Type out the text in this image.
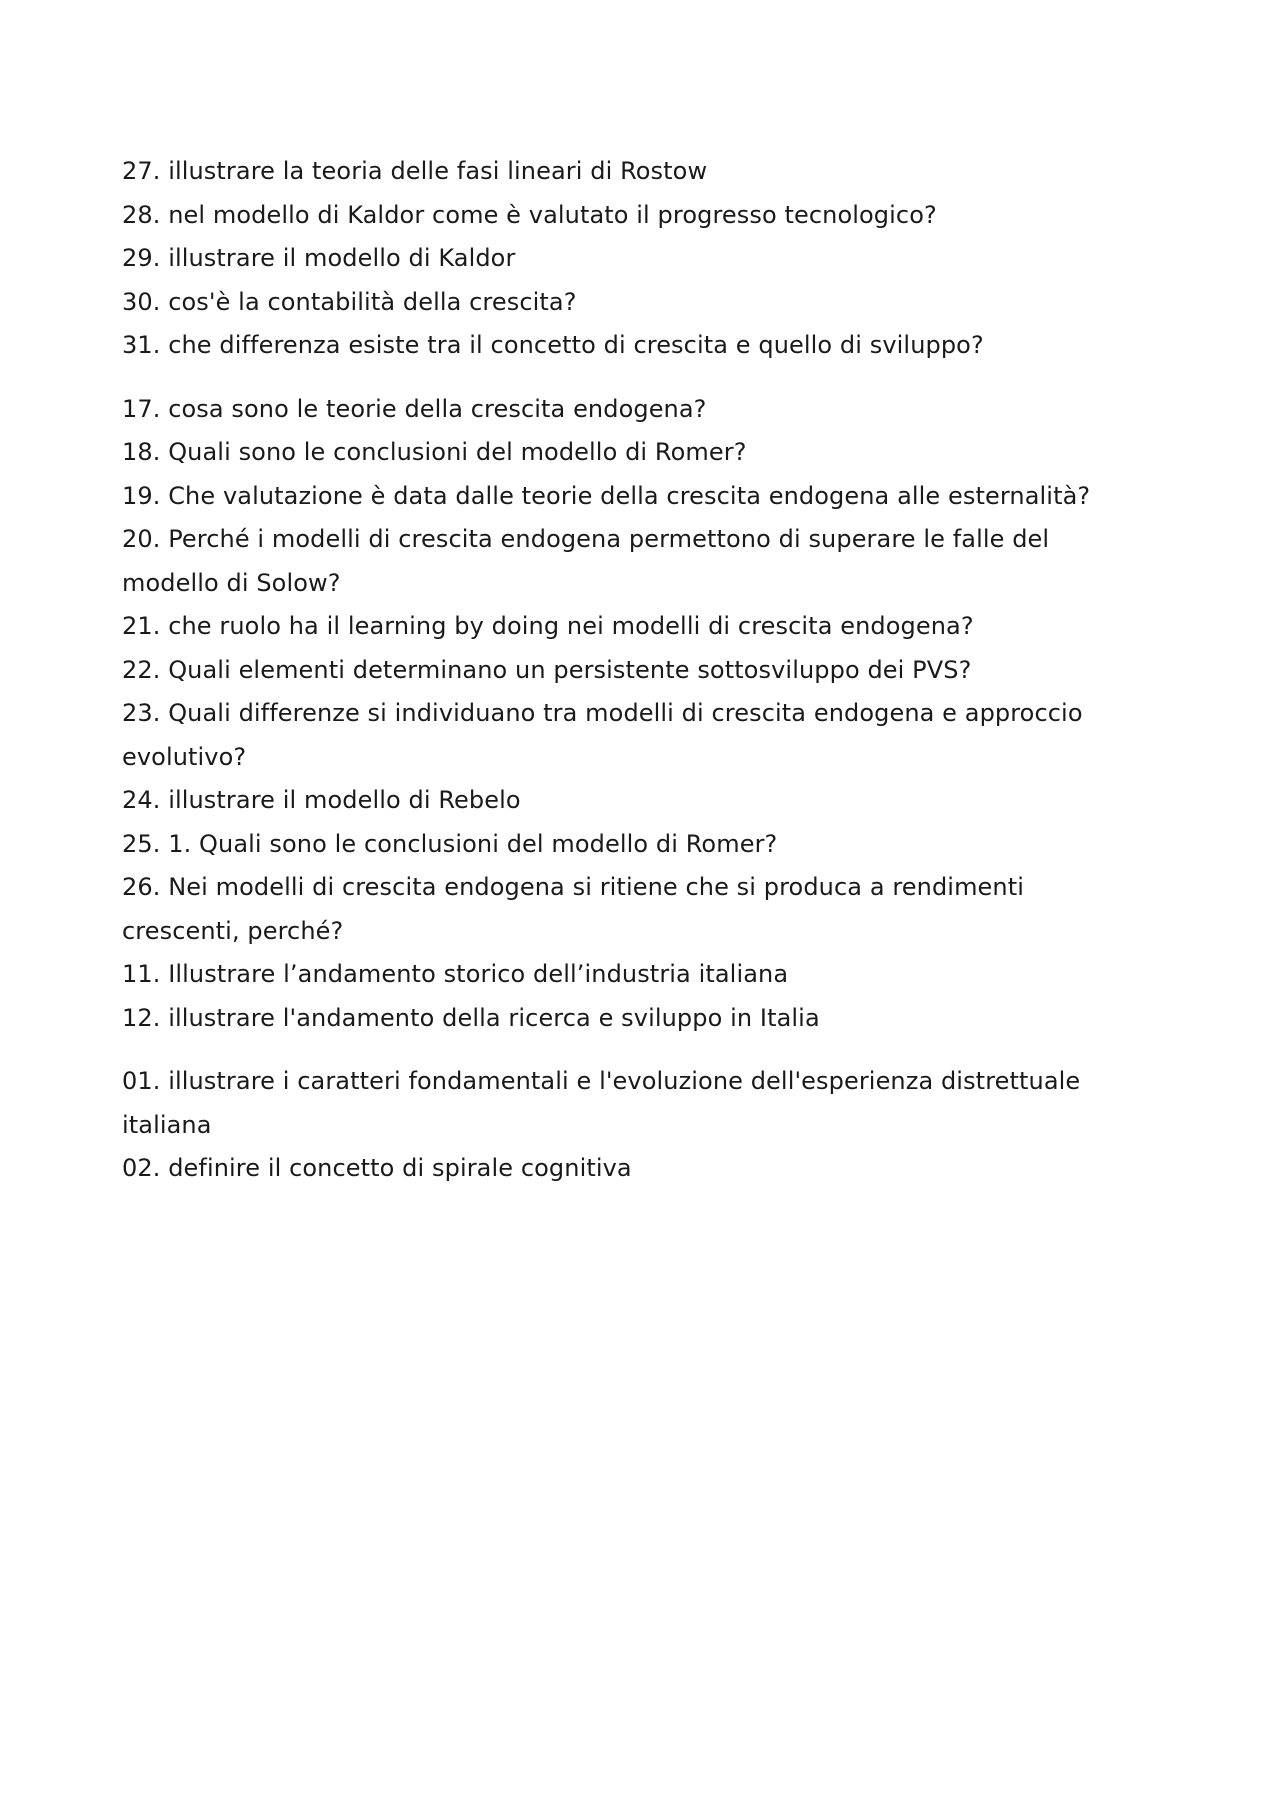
27. illustrare la teoria delle fasi lineari di Rostow
28. nel modello di Kaldor come è valutato il progresso tecnologico?
29. illustrare il modello di Kaldor
30. cos'è la contabilità della crescita?
31. che differenza esiste tra il concetto di crescita e quello di sviluppo?
17. cosa sono le teorie della crescita endogena?
18. Quali sono le conclusioni del modello di Romer?
19. Che valutazione è data dalle teorie della crescita endogena alle esternalità?
20. Perché i modelli di crescita endogena permettono di superare le falle del modello di Solow?
21. che ruolo ha il learning by doing nei modelli di crescita endogena?
22. Quali elementi determinano un persistente sottosviluppo dei PVS?
23. Quali differenze si individuano tra modelli di crescita endogena e approccio evolutivo?
24. illustrare il modello di Rebelo
25. 1. Quali sono le conclusioni del modello di Romer?
26. Nei modelli di crescita endogena si ritiene che si produca a rendimenti crescenti, perché?
11. Illustrare l’andamento storico dell’industria italiana
12. illustrare l'andamento della ricerca e sviluppo in Italia
01. illustrare i caratteri fondamentali e l'evoluzione dell'esperienza distrettuale italiana
02. definire il concetto di spirale cognitiva
